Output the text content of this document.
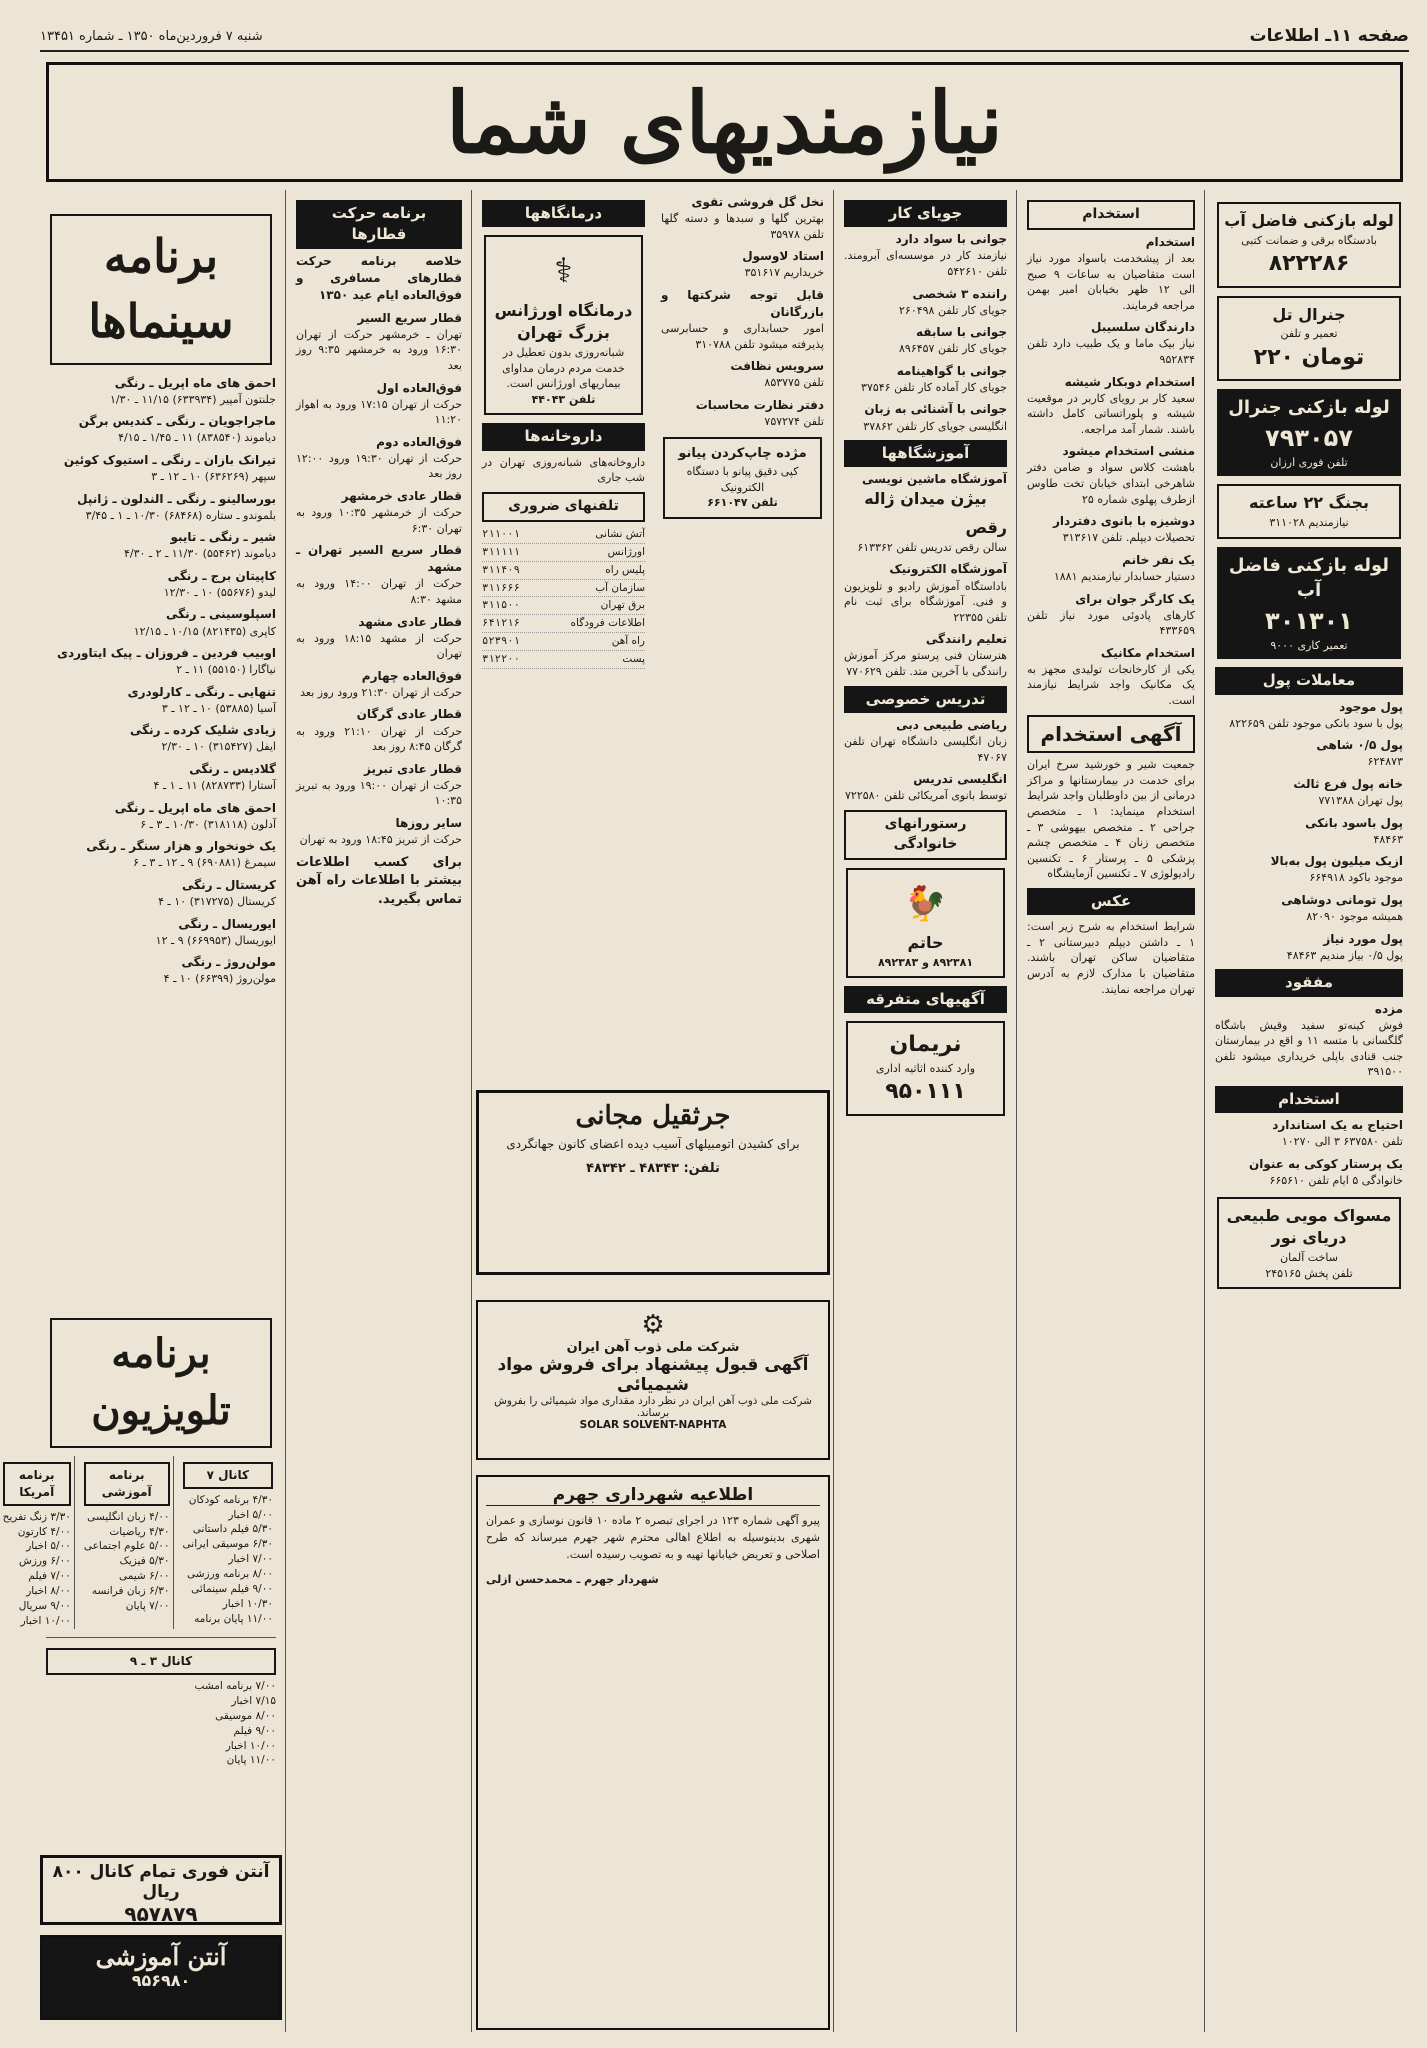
صفحه ۱۱ـ اطلاعات
شنبه ۷ فروردین‌ماه ۱۳۵۰ ـ شماره ۱۳۴۵۱
نیازمندیهای شما
لوله بازکنی فاضل آب
بادستگاه برقی و ضمانت کتبی
۸۲۲۲۸۶
جنرال تل
تعمیر و تلفن
۲۲۰ تومان
لوله بازکنی جنرال
۷۹۳۰۵۷
تلفن فوری ارزان
بجنگ ۲۲ ساعته
نیازمندیم ۳۱۱۰۲۸
لوله بازکنی فاضل آب
۳۰۱۳۰۱
تعمیر کاری ۹۰۰۰
معاملات پول
پول موجود
پول با سود بانکی موجود تلفن ۸۲۲۶۵۹
پول ۰/۵ شاهی
۶۲۴۸۷۳
خانه پول فرع ثالث
پول تهران ۷۷۱۳۸۸
پول باسود بانکی
۴۸۴۶۳
ازیک میلیون پول به‌بالا
موجود باکود ۶۶۴۹۱۸
پول تومانی دوشاهی
همیشه موجود ۸۲۰۹۰
پول مورد نیاز
پول ۰/۵ بیاز مندیم ۴۸۴۶۳
مفقود
مزده
فوش کینه‌تو سفید وقیش باشگاه گلگسانی با متسه ۱۱ و اقع در بیمارستان جنب قنادی باپلی خریداری میشود تلفن ۳۹۱۵۰۰
استخدام
احتیاج به یک استاندارد
تلفن ۶۳۷۵۸۰ ۳ الی ۱۰۲۷۰
یک پرستار کوکی به عنوان
خانوادگی ۵ ایام تلفن ۶۶۵۶۱۰
مسواک مویی طبیعی دریای نور
ساخت آلمان
تلفن پخش ۲۴۵۱۶۵
استخدام
استخدام
بعد از پیشخدمت باسواد مورد نیاز است متقاضیان به ساعات ۹ صبح الی ۱۲ ظهر بخیابان امیر بهمن مراجعه فرمایند.
دارندگان سلسیبل
نیاز بیک ماما و یک طبیب دارد تلفن ۹۵۲۸۳۴
استخدام دوبکار شیشه
سعید کار بر رویای کاربر در موقعیت شیشه و پلوراتساتی کامل داشته باشند. شمار آمد مراجعه.
منشی استخدام میشود
باهشت کلاس سواد و ضامن دفتر شاهرخی ابتدای خیابان تخت طاوس ازطرف پهلوی شماره ۲۵
دوشیزه با بانوی دفتردار
تحصیلات دیپلم. تلفن ۳۱۳۶۱۷
یک نفر خانم
دستیار حسابدار نیازمندیم ۱۸۸۱
یک کارگر جوان برای
کارهای پادوئی مورد نیاز تلفن ۴۳۳۶۵۹
استخدام مکانیک
یکی از کارخانجات تولیدی مجهز به یک مکانیک واجد شرایط نیازمند است.
آگهی استخدام
جمعیت شیر و خورشید سرخ ایران برای خدمت در بیمارستانها و مراکز درمانی از بین داوطلبان واجد شرایط استخدام مینماید: ۱ ـ متخصص جراحی ۲ ـ متخصص بیهوشی ۳ ـ متخصص زنان ۴ ـ متخصص چشم پزشکی ۵ ـ پرستار ۶ ـ تکنسین رادیولوژی ۷ ـ تکنسین آزمایشگاه
عکس
شرایط استخدام به شرح زیر است: ۱ ـ داشتن دیپلم دبیرستانی ۲ ـ متقاضیان ساکن تهران باشند. متقاضیان با مدارک لازم به آدرس تهران مراجعه نمایند.
جویای کار
جوانی با سواد دارد
نیازمند کار در موسسه‌ای آبرومند. تلفن ۵۴۲۶۱۰
راننده ۳ شخصی
جویای کار تلفن ۲۶۰۴۹۸
جوانی با سابقه
جویای کار تلفن ۸۹۶۴۵۷
جوانی با گواهینامه
جویای کار آماده کار تلفن ۳۷۵۴۶
جوانی با آشنائی به زبان
انگلیسی جویای کار تلفن ۳۷۸۶۲
آموزشگاهها
آموزشگاه ماشین نویسی
بیژن میدان ژاله
رقص
سالن رقص تدریس تلفن ۶۱۳۳۶۲
آموزشگاه الکترونیک
باداستگاه آموزش رادیو و تلویزیون و فنی. آموزشگاه برای ثبت نام تلفن ۲۲۳۵۵
تعلیم رانندگی
هنرستان فنی پرستو مرکز آموزش رانندگی با آخرین متد. تلفن ۷۷۰۶۲۹
تدریس خصوصی
ریاضی طبیعی دبی
زبان انگلیسی دانشگاه تهران تلفن ۴۷۰۶۷
انگلیسی تدریس
توسط بانوی آمریکائی تلفن ۷۲۲۵۸۰
رستورانهای خانوادگی
🐓
حاتم
۸۹۲۳۸۱ و ۸۹۲۳۸۳
آگهیهای متفرقه
نریمان
وارد کننده اثاثیه اداری
۹۵۰۱۱۱
نخل گل فروشی تقوی
بهترین گلها و سبدها و دسته گلها تلفن ۳۵۹۷۸
استاد لاوسول
خریداریم ۳۵۱۶۱۷
قابل توجه شرکتها و بازرگانان
امور حسابداری و حسابرسی پذیرفته میشود تلفن ۳۱۰۷۸۸
سرویس نظافت
تلفن ۸۵۳۷۷۵
دفتر نظارت محاسبات
تلفن ۷۵۷۲۷۴
مژده چاپ‌کردن پیانو
کپی دقیق پیانو با دستگاه الکترونیک
تلفن ۶۶۱۰۴۷
درمانگاهها
⚕
درمانگاه اورژانس بزرگ تهران
شبانه‌روزی بدون تعطیل در خدمت مردم درمان مداوای بیماریهای اورژانس است.
تلفن ۴۴۰۴۳
داروخانه‌ها
داروخانه‌های شبانه‌روزی تهران در شب جاری
تلفنهای ضروری
آتش نشانی
۲۱۱۰۰۱
اورژانس
۳۱۱۱۱۱
پلیس راه
۳۱۱۴۰۹
سازمان آب
۳۱۱۶۶۶
برق تهران
۳۱۱۵۰۰
اطلاعات فرودگاه
۶۴۱۲۱۶
راه آهن
۵۲۳۹۰۱
پست
۳۱۲۲۰۰
جرثقیل مجانی
برای کشیدن اتومبیلهای آسیب دیده اعضای کانون جهانگردی
تلفن: ۴۸۳۴۳ ـ ۴۸۳۴۲
⚙
شرکت ملی ذوب آهن ایران
آگهی قبول پیشنهاد برای فروش مواد شیمیائی
شرکت ملی ذوب آهن ایران در نظر دارد مقداری مواد شیمیائی را بفروش برساند.
SOLAR SOLVENT-NAPHTA
اطلاعیه شهرداری جهرم
پیرو آگهی شماره ۱۲۳ در اجرای تبصره ۲ ماده ۱۰ قانون نوسازی و عمران شهری بدینوسیله به اطلاع اهالی محترم شهر جهرم میرساند که طرح اصلاحی و تعریض خیابانها تهیه و به تصویب رسیده است.
شهردار جهرم ـ محمدحسن ازلی
برنامه حرکت قطارها
خلاصه برنامه حرکت قطارهای مسافری و فوق‌العاده ایام عید ۱۳۵۰
قطار سریع السیر
تهران ـ خرمشهر حرکت از تهران ۱۶:۳۰ ورود به خرمشهر ۹:۳۵ روز بعد
فوق‌العاده اول
حرکت از تهران ۱۷:۱۵ ورود به اهواز ۱۱:۲۰
فوق‌العاده دوم
حرکت از تهران ۱۹:۳۰ ورود ۱۲:۰۰ روز بعد
قطار عادی خرمشهر
حرکت از خرمشهر ۱۰:۳۵ ورود به تهران ۶:۳۰
قطار سریع السیر تهران ـ مشهد
حرکت از تهران ۱۴:۰۰ ورود به مشهد ۸:۳۰
قطار عادی مشهد
حرکت از مشهد ۱۸:۱۵ ورود به تهران
فوق‌العاده چهارم
حرکت از تهران ۲۱:۳۰ ورود روز بعد
قطار عادی گرگان
حرکت از تهران ۲۱:۱۰ ورود به گرگان ۸:۴۵ روز بعد
قطار عادی تبریز
حرکت از تهران ۱۹:۰۰ ورود به تبریز ۱۰:۳۵
سایر روزها
حرکت از تبریز ۱۸:۴۵ ورود به تهران
برای کسب اطلاعات بیشتر با اطلاعات راه آهن تماس بگیرید.
برنامه سینماها
احمق های ماه اپریل ـ رنگی
جلنتون آمپیر (۶۳۳۹۳۴) ۱۱/۱۵ ـ ۱/۳۰
ماجراجویان ـ رنگی ـ کندیس برگن
دیاموند (۸۳۸۵۴۰) ۱۱ ـ ۱/۴۵ ـ ۴/۱۵
تیرانک بازان ـ رنگی ـ استیوک کوئین
سپهر (۶۳۶۲۶۹) ۱۰ ـ ۱۲ ـ ۳
بورسالینو ـ رنگی ـ الندلون ـ ژانپل
بلموندو ـ ستاره (۶۸۴۶۸) ۱۰/۳۰ ـ ۱ ـ ۳/۴۵
شیر ـ رنگی ـ تایبو
دیاموند (۵۵۴۶۲) ۱۱/۳۰ ـ ۲ ـ ۴/۳۰
کاپیتان برج ـ رنگی
لیدو (۵۵۶۷۶) ۱۰ ـ ۱۲/۳۰
اسپلوسینی ـ رنگی
کاپری (۸۲۱۴۳۵) ۱۰/۱۵ ـ ۱۲/۱۵
اوبیب فردین ـ فروزان ـ پیک ایتاوردی
نیاگارا (۵۵۱۵۰) ۱۱ ـ ۲
تنهایی ـ رنگی ـ کارلودری
آسیا (۵۳۸۸۵) ۱۰ ـ ۱۲ ـ ۳
زیادی شلیک کرده ـ رنگی
ایفل (۳۱۵۴۲۷) ۱۰ ـ ۲/۳۰
گلادیس ـ رنگی
آستارا (۸۲۸۷۳۳) ۱۱ ـ ۱ ـ ۴
احمق های ماه اپریل ـ رنگی
آدلون (۳۱۸۱۱۸) ۱۰/۳۰ ـ ۳ ـ ۶
یک خونخوار و هزار سنگر ـ رنگی
سیمرغ (۶۹۰۸۸۱) ۹ ـ ۱۲ ـ ۳ ـ ۶
کریستال ـ رنگی
کریستال (۳۱۷۲۷۵) ۱۰ ـ ۴
ایوریسال ـ رنگی
ایوریسال (۶۶۹۹۵۳) ۹ ـ ۱۲
مولن‌روژ ـ رنگی
مولن‌روژ (۶۶۳۹۹) ۱۰ ـ ۴
برنامه تلویزیون
کانال ۷
۴/۳۰ برنامه کودکان
۵/۰۰ اخبار
۵/۳۰ فیلم داستانی
۶/۳۰ موسیقی ایرانی
۷/۰۰ اخبار
۸/۰۰ برنامه ورزشی
۹/۰۰ فیلم سینمائی
۱۰/۳۰ اخبار
۱۱/۰۰ پایان برنامه
برنامه آموزشی
۴/۰۰ زبان انگلیسی
۴/۳۰ ریاضیات
۵/۰۰ علوم اجتماعی
۵/۳۰ فیزیک
۶/۰۰ شیمی
۶/۳۰ زبان فرانسه
۷/۰۰ پایان
برنامه آمریکا
۳/۳۰ زنگ تفریح
۴/۰۰ کارتون
۵/۰۰ اخبار
۶/۰۰ ورزش
۷/۰۰ فیلم
۸/۰۰ اخبار
۹/۰۰ سریال
۱۰/۰۰ اخبار
کانال ۳ ـ ۹
۷/۰۰ برنامه امشب
۷/۱۵ اخبار
۸/۰۰ موسیقی
۹/۰۰ فیلم
۱۰/۰۰ اخبار
۱۱/۰۰ پایان
آنتن فوری تمام کانال ۸۰۰ ریال
۹۵۷۸۷۹
آنتن آموزشی
۹۵۶۹۸۰
